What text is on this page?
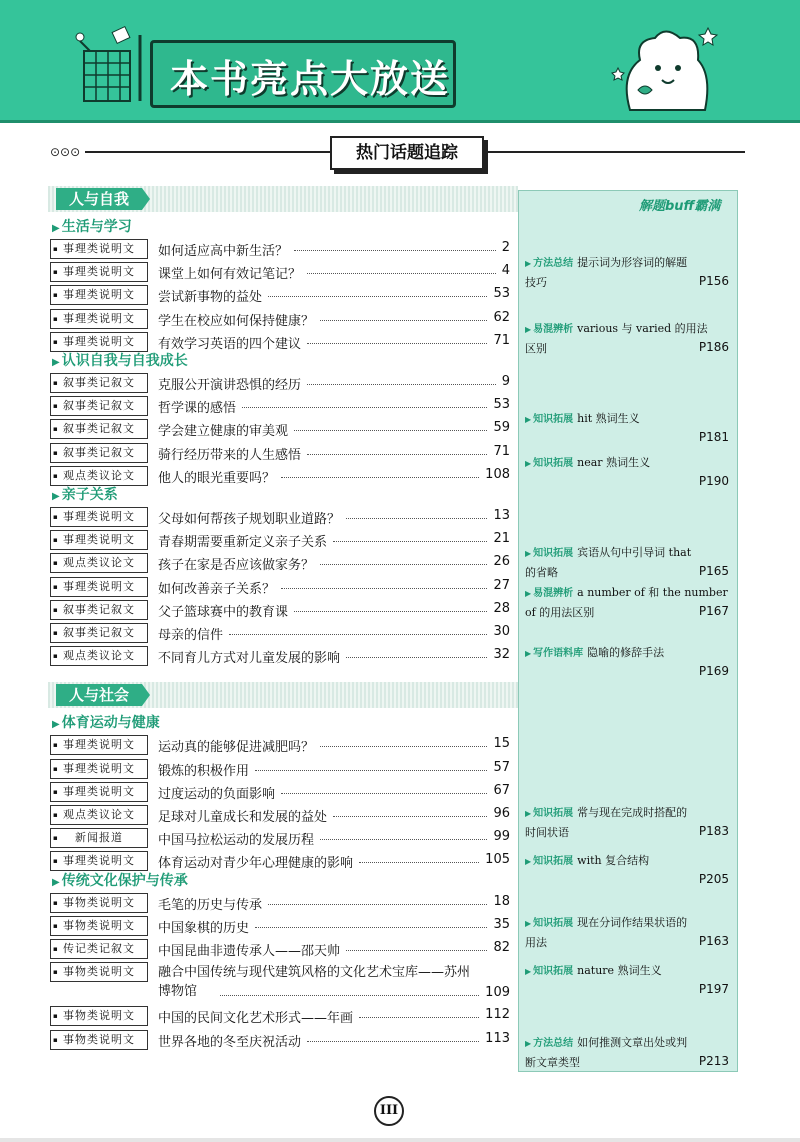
本书亮点大放送
⊙⊙⊙	热门话题追踪
人与自我
▶ 生活与学习
▪ 事理类说明文	如何适应高中新生活？	2
▪ 事理类说明文	课堂上如何有效记笔记？	4
▪ 事理类说明文	尝试新事物的益处	53
▪ 事理类说明文	学生在校应如何保持健康？	62
▪ 事理类说明文	有效学习英语的四个建议	71
▶ 认识自我与自我成长
▪ 叙事类记叙文	克服公开演讲恐惧的经历	9
▪ 叙事类记叙文	哲学课的感悟	53
▪ 叙事类记叙文	学会建立健康的审美观	59
▪ 叙事类记叙文	骑行经历带来的人生感悟	71
▪ 观点类议论文	他人的眼光重要吗？	108
▶ 亲子关系
▪ 事理类说明文	父母如何帮孩子规划职业道路？	13
▪ 事理类说明文	青春期需要重新定义亲子关系	21
▪ 观点类议论文	孩子在家是否应该做家务？	26
▪ 事理类说明文	如何改善亲子关系？	27
▪ 叙事类记叙文	父子篮球赛中的教育课	28
▪ 叙事类记叙文	母亲的信件	30
▪ 观点类议论文	不同育儿方式对儿童发展的影响	32
人与社会
▶ 体育运动与健康
▪ 事理类说明文	运动真的能够促进减肥吗？	15
▪ 事理类说明文	锻炼的积极作用	57
▪ 事理类说明文	过度运动的负面影响	67
▪ 观点类议论文	足球对儿童成长和发展的益处	96
▪ 新闻报道	中国马拉松运动的发展历程	99
▪ 事理类说明文	体育运动对青少年心理健康的影响	105
▶ 传统文化保护与传承
▪ 事物类说明文	毛笔的历史与传承	18
▪ 事物类说明文	中国象棋的历史	35
▪ 传记类记叙文	中国昆曲非遗传承人——邵天帅	82
▪ 事物类说明文	融合中国传统与现代建筑风格的文化艺术宝库——苏州博物馆	109
▪ 事物类说明文	中国的民间文化艺术形式——年画	112
▪ 事物类说明文	世界各地的冬至庆祝活动	113
解题buff霸满
▶ 方法总结 提示词为形容词的解题
技巧	P156
▶ 易混辨析 various 与 varied 的用法
区别	P186
▶ 知识拓展 hit 熟词生义

P181
▶ 知识拓展 near 熟词生义

P190
▶ 知识拓展 宾语从句中引导词 that
的省略	P165
▶ 易混辨析 a number of 和 the number
of 的用法区别	P167
▶ 写作语料库 隐喻的修辞手法

P169
▶ 知识拓展 常与现在完成时搭配的
时间状语	P183
▶ 知识拓展 with 复合结构

P205
▶ 知识拓展 现在分词作结果状语的
用法	P163
▶ 知识拓展 nature 熟词生义

P197
▶ 方法总结 如何推测文章出处或判
断文章类型	P213
III
